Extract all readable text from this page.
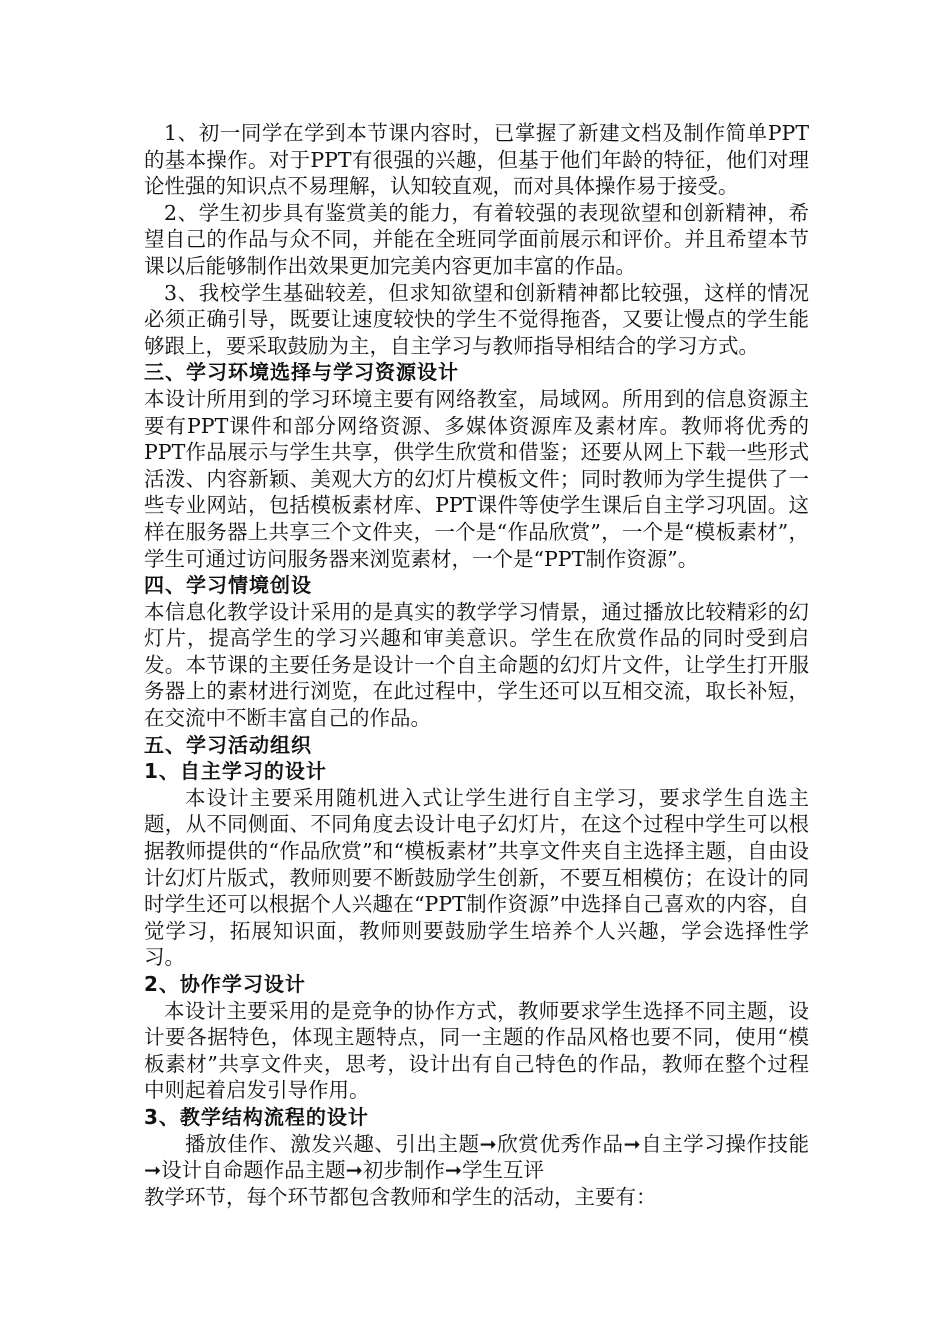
1、初一同学在学到本节课内容时，已掌握了新建文档及制作简单PPT的基本操作。对于PPT有很强的兴趣，但基于他们年龄的特征，他们对理论性强的知识点不易理解，认知较直观，而对具体操作易于接受。

2、学生初步具有鉴赏美的能力，有着较强的表现欲望和创新精神，希望自己的作品与众不同，并能在全班同学面前展示和评价。并且希望本节课以后能够制作出效果更加完美内容更加丰富的作品。

3、我校学生基础较差，但求知欲望和创新精神都比较强，这样的情况必须正确引导，既要让速度较快的学生不觉得拖沓，又要让慢点的学生能够跟上，要采取鼓励为主，自主学习与教师指导相结合的学习方式。

三、学习环境选择与学习资源设计

本设计所用到的学习环境主要有网络教室，局域网。所用到的信息资源主要有PPT课件和部分网络资源、多媒体资源库及素材库。教师将优秀的PPT作品展示与学生共享，供学生欣赏和借鉴；还要从网上下载一些形式活泼、内容新颖、美观大方的幻灯片模板文件；同时教师为学生提供了一些专业网站，包括模板素材库、PPT课件等使学生课后自主学习巩固。这样在服务器上共享三个文件夹，一个是“作品欣赏”，一个是“模板素材”，学生可通过访问服务器来浏览素材，一个是“PPT制作资源”。

四、学习情境创设

本信息化教学设计采用的是真实的教学学习情景，通过播放比较精彩的幻灯片，提高学生的学习兴趣和审美意识。学生在欣赏作品的同时受到启发。本节课的主要任务是设计一个自主命题的幻灯片文件，让学生打开服务器上的素材进行浏览，在此过程中，学生还可以互相交流，取长补短，在交流中不断丰富自己的作品。

五、学习活动组织

1、自主学习的设计

本设计主要采用随机进入式让学生进行自主学习，要求学生自选主题，从不同侧面、不同角度去设计电子幻灯片，在这个过程中学生可以根据教师提供的“作品欣赏”和“模板素材”共享文件夹自主选择主题，自由设计幻灯片版式，教师则要不断鼓励学生创新，不要互相模仿；在设计的同时学生还可以根据个人兴趣在“PPT制作资源”中选择自己喜欢的内容，自觉学习，拓展知识面，教师则要鼓励学生培养个人兴趣，学会选择性学习。

2、协作学习设计

本设计主要采用的是竞争的协作方式，教师要求学生选择不同主题，设计要各据特色，体现主题特点，同一主题的作品风格也要不同，使用“模板素材”共享文件夹，思考，设计出有自己特色的作品，教师在整个过程中则起着启发引导作用。

3、教学结构流程的设计

播放佳作、激发兴趣、引出主题➞欣赏优秀作品➞自主学习操作技能➞设计自命题作品主题➞初步制作➞学生互评

教学环节，每个环节都包含教师和学生的活动，主要有：
